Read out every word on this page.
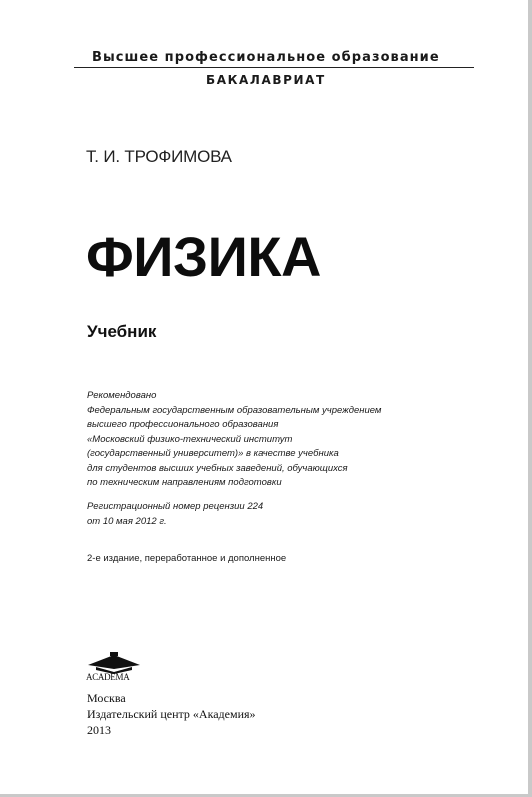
Высшее профессиональное образование
БАКАЛАВРИАТ
Т. И. ТРОФИМОВА
ФИЗИКА
Учебник
Рекомендовано
Федеральным государственным образовательным учреждением
высшего профессионального образования
«Московский физико-технический институт
(государственный университет)» в качестве учебника
для студентов высших учебных заведений, обучающихся
по техническим направлениям подготовки
Регистрационный номер рецензии 224
от 10 мая 2012 г.
2-е издание, переработанное и дополненное
ACADEMA
Москва
Издательский центр «Академия»
2013
